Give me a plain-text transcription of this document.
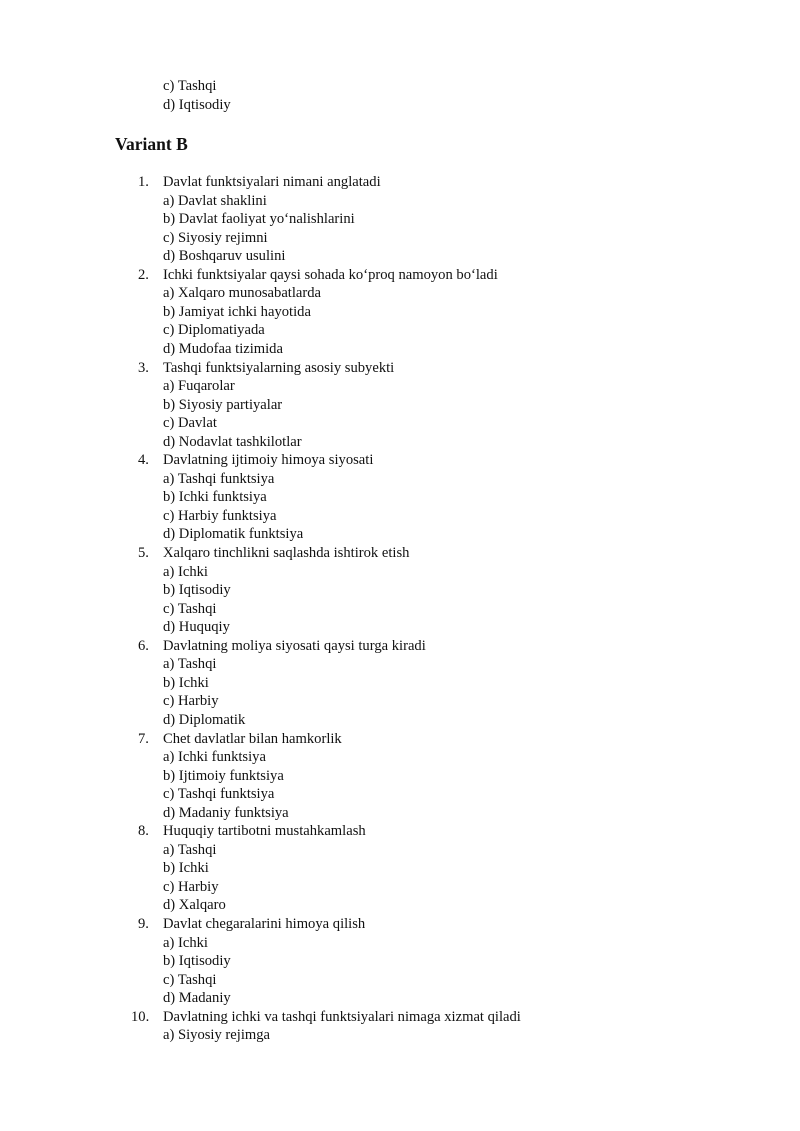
c) Tashqi
d) Iqtisodiy
Variant B
1. Davlat funktsiyalari nimani anglatadi
a) Davlat shaklini
b) Davlat faoliyat yo‘nalishlarini
c) Siyosiy rejimni
d) Boshqaruv usulini
2. Ichki funktsiyalar qaysi sohada ko‘proq namoyon bo‘ladi
a) Xalqaro munosabatlarda
b) Jamiyat ichki hayotida
c) Diplomatiyada
d) Mudofaa tizimida
3. Tashqi funktsiyalarning asosiy subyekti
a) Fuqarolar
b) Siyosiy partiyalar
c) Davlat
d) Nodavlat tashkilotlar
4. Davlatning ijtimoiy himoya siyosati
a) Tashqi funktsiya
b) Ichki funktsiya
c) Harbiy funktsiya
d) Diplomatik funktsiya
5. Xalqaro tinchlikni saqlashda ishtirok etish
a) Ichki
b) Iqtisodiy
c) Tashqi
d) Huquqiy
6. Davlatning moliya siyosati qaysi turga kiradi
a) Tashqi
b) Ichki
c) Harbiy
d) Diplomatik
7. Chet davlatlar bilan hamkorlik
a) Ichki funktsiya
b) Ijtimoiy funktsiya
c) Tashqi funktsiya
d) Madaniy funktsiya
8. Huquqiy tartibotni mustahkamlash
a) Tashqi
b) Ichki
c) Harbiy
d) Xalqaro
9. Davlat chegaralarini himoya qilish
a) Ichki
b) Iqtisodiy
c) Tashqi
d) Madaniy
10. Davlatning ichki va tashqi funktsiyalari nimaga xizmat qiladi
a) Siyosiy rejimga
